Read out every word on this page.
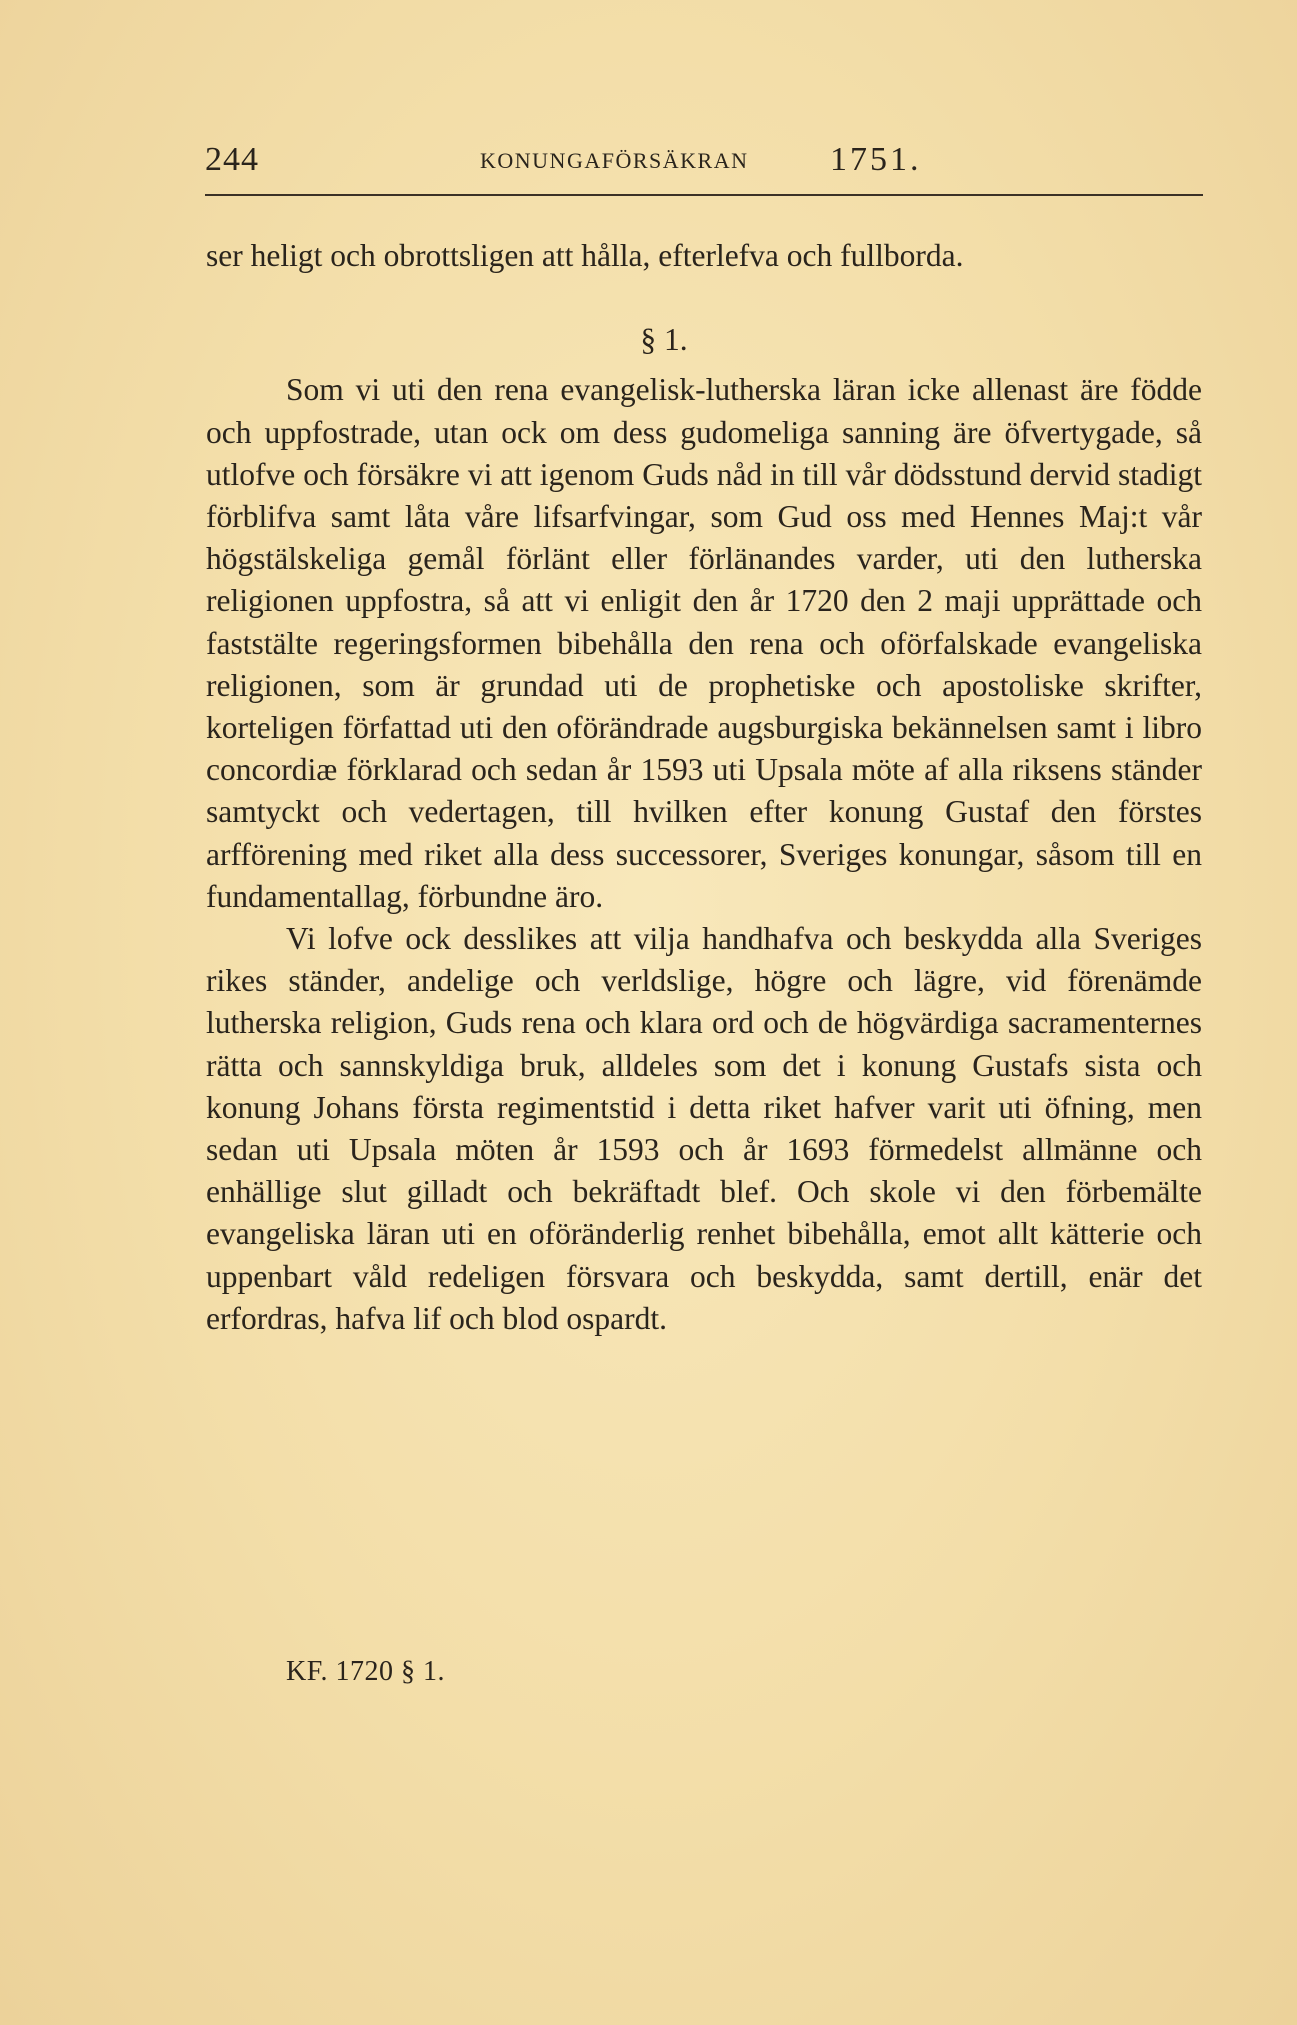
244	KONUNGAFÖRSÄKRAN 1751.

ser heligt och obrottsligen att hålla, efterlefva och fullborda.

§ 1.

Som vi uti den rena evangelisk-lutherska läran icke allenast äre födde och uppfostrade, utan ock om dess gudomeliga sanning äre öfvertygade, så utlofve och försäkre vi att igenom Guds nåd in till vår dödsstund dervid stadigt förblifva samt låta våre lifsarfvingar, som Gud oss med Hennes Maj:t vår högstälskeliga gemål förlänt eller förlänandes varder, uti den lutherska religionen uppfostra, så att vi enligit den år 1720 den 2 maji upprättade och faststälte regeringsformen bibehålla den rena och oförfalskade evangeliska religionen, som är grundad uti de prophetiske och apostoliske skrifter, korteligen författad uti den oförändrade augsburgiska bekännelsen samt i libro concordiæ förklarad och sedan år 1593 uti Upsala möte af alla riksens ständer samtyckt och vedertagen, till hvilken efter konung Gustaf den förstes arfförening med riket alla dess successorer, Sveriges konungar, såsom till en fundamentallag, förbundne äro.

Vi lofve ock desslikes att vilja handhafva och beskydda alla Sveriges rikes ständer, andelige och verldslige, högre och lägre, vid förenämde lutherska religion, Guds rena och klara ord och de högvärdiga sacramenternes rätta och sannskyldiga bruk, alldeles som det i konung Gustafs sista och konung Johans första regimentstid i detta riket hafver varit uti öfning, men sedan uti Upsala möten år 1593 och år 1693 förmedelst allmänne och enhällige slut gilladt och bekräftadt blef. Och skole vi den förbemälte evangeliska läran uti en oföränderlig renhet bibehålla, emot allt kätterie och uppenbart våld redeligen försvara och beskydda, samt dertill, enär det erfordras, hafva lif och blod ospardt.

KF. 1720 § 1.
